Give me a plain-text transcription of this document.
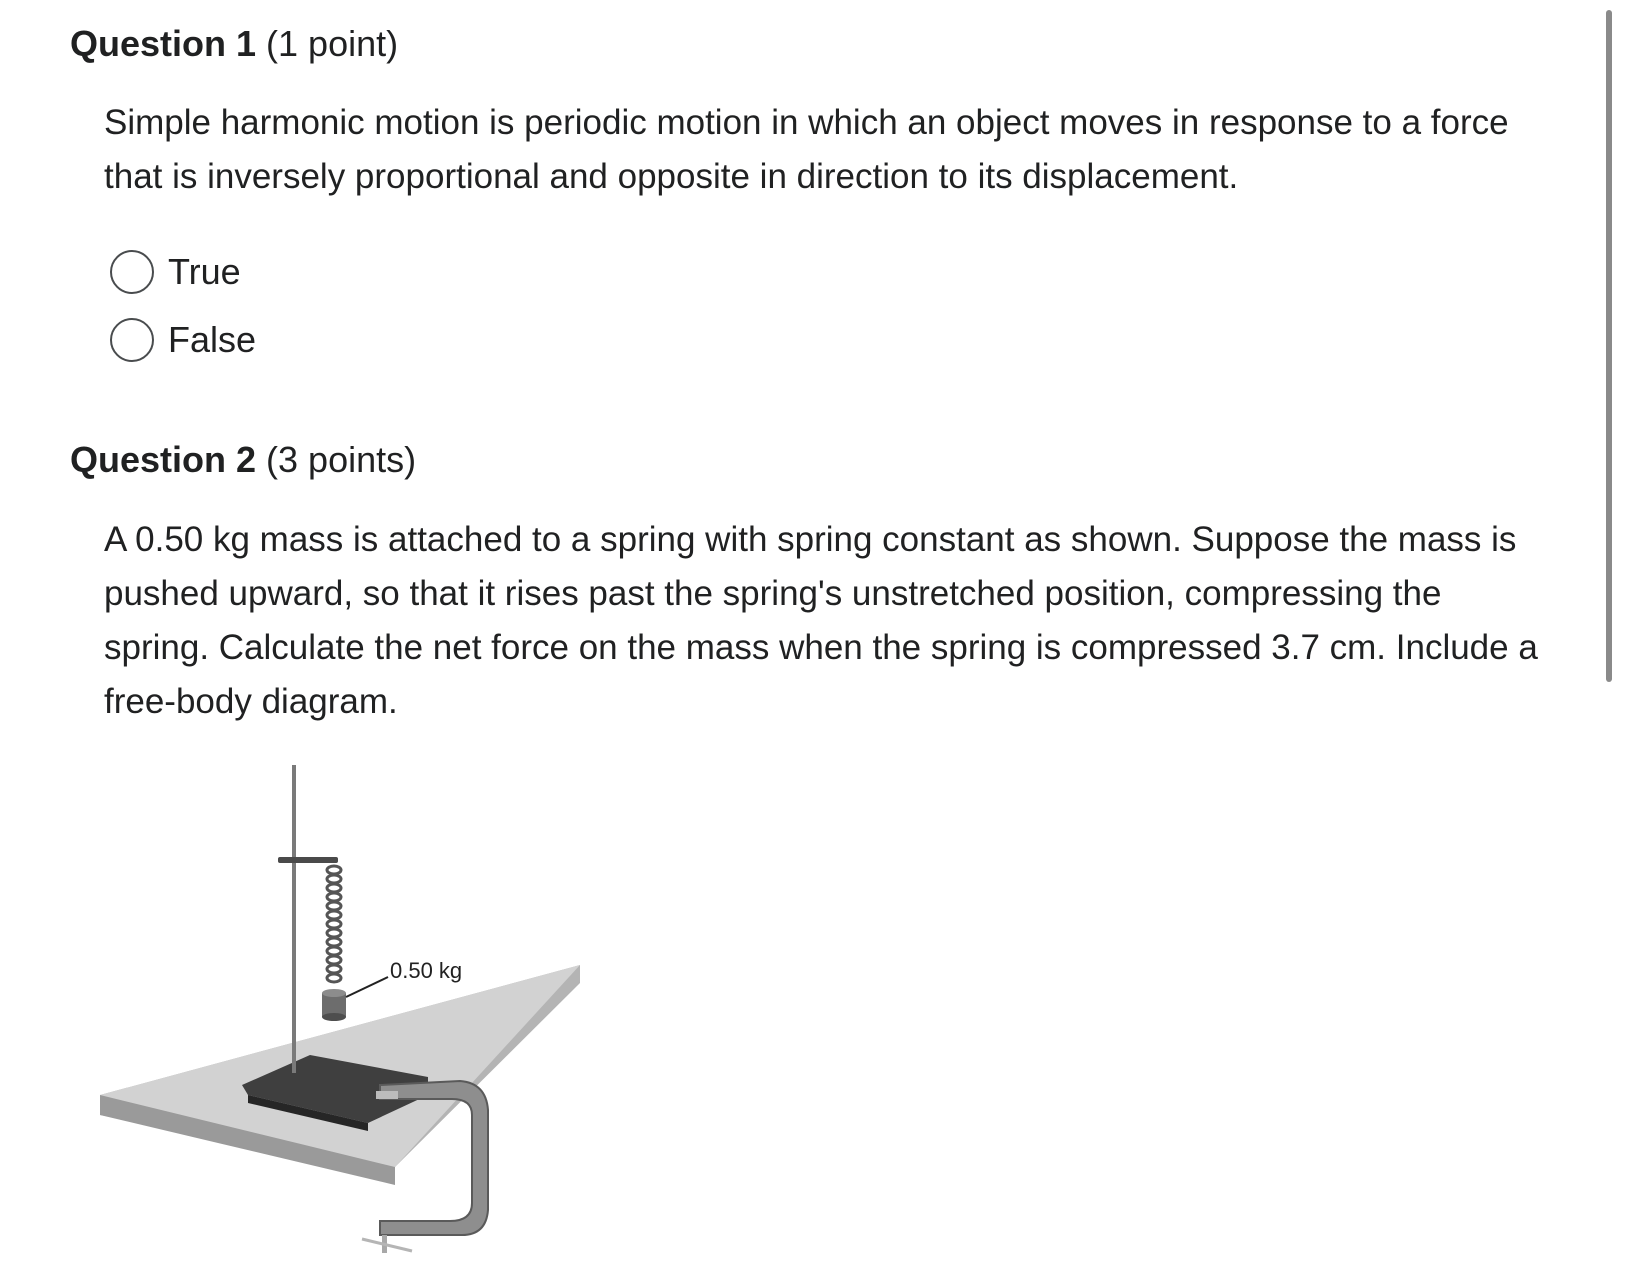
Question 1 (1 point)

Simple harmonic motion is periodic motion in which an object moves in response to a force that is inversely proportional and opposite in direction to its displacement.

True
False
Question 2 (3 points)

A 0.50 kg mass is attached to a spring with spring constant as shown. Suppose the mass is pushed upward, so that it rises past the spring's unstretched position, compressing the spring. Calculate the net force on the mass when the spring is compressed 3.7 cm. Include a free-body diagram.

0.50 kg
